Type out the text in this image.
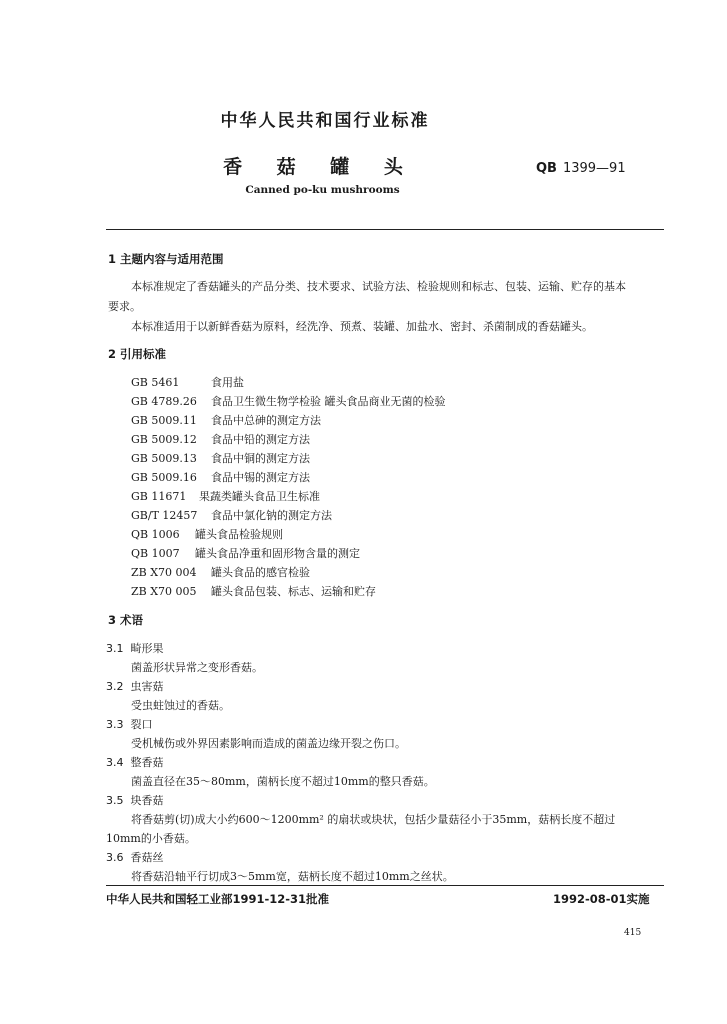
中华人民共和国行业标准
香 菇 罐 头	QB 1399—91
Canned po-ku mushrooms
1 主题内容与适用范围
本标准规定了香菇罐头的产品分类、技术要求、试验方法、检验规则和标志、包装、运输、贮存的基本
要求。
本标准适用于以新鲜香菇为原料，经洗净、预煮、装罐、加盐水、密封、杀菌制成的香菇罐头。
2 引用标准
GB 5461	食用盐
GB 4789.26 食品卫生微生物学检验 罐头食品商业无菌的检验
GB 5009.11 食品中总砷的测定方法
GB 5009.12 食品中铅的测定方法
GB 5009.13 食品中铜的测定方法
GB 5009.16 食品中锡的测定方法
GB 11671 果蔬类罐头食品卫生标准
GB/T 12457 食品中氯化钠的测定方法
QB 1006 罐头食品检验规则
QB 1007 罐头食品净重和固形物含量的测定
ZB X70 004 罐头食品的感官检验
ZB X70 005 罐头食品包装、标志、运输和贮存
3 术语
3.1 畸形果
菌盖形状异常之变形香菇。
3.2 虫害菇
受虫蛀蚀过的香菇。
3.3 裂口
受机械伤或外界因素影响而造成的菌盖边缘开裂之伤口。
3.4 整香菇
菌盖直径在35～80mm，菌柄长度不超过10mm的整只香菇。
3.5 块香菇
将香菇剪(切)成大小约600～1200mm² 的扇状或块状，包括少量菇径小于35mm，菇柄长度不超过
10mm的小香菇。
3.6 香菇丝
将香菇沿轴平行切成3～5mm宽，菇柄长度不超过10mm之丝状。
中华人民共和国轻工业部1991-12-31批准	1992-08-01实施
415
